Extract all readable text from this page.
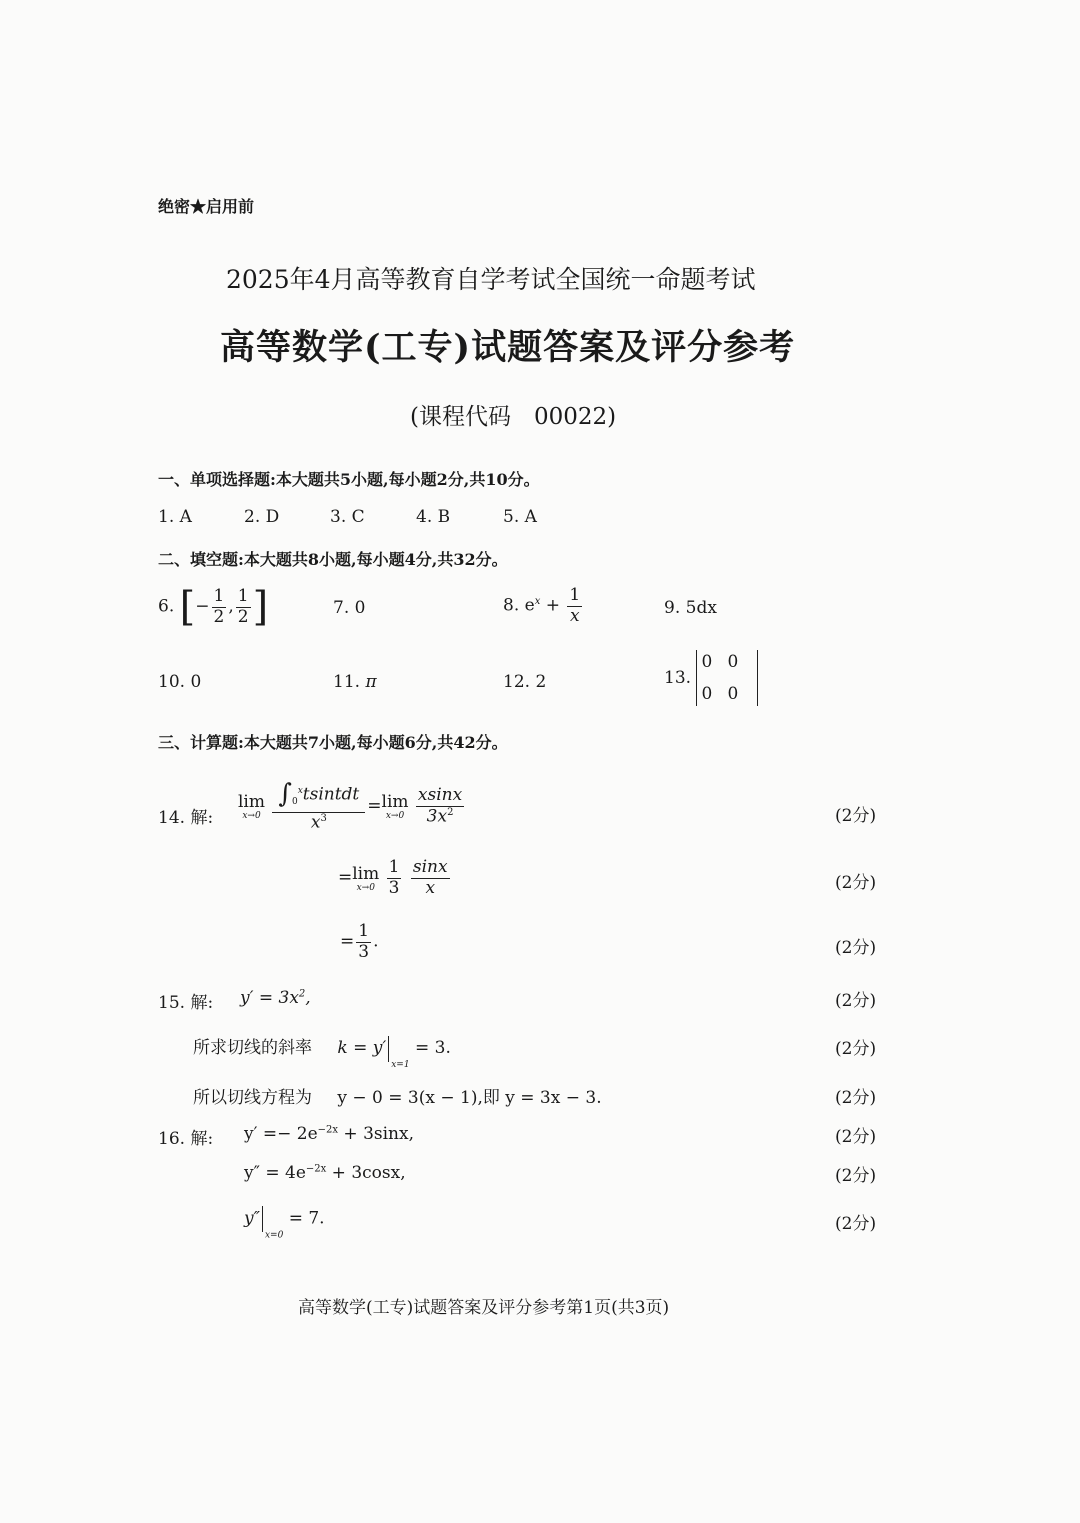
绝密★启用前
2025年4月高等教育自学考试全国统一命题考试
高等数学(工专)试题答案及评分参考
(课程代码　00022)
一、单项选择题:本大题共5小题,每小题2分,共10分。
1. A	2. D	3. C	4. B	5. A
二、填空题:本大题共8小题,每小题4分,共32分。
6. [− $\frac{1}{2}$ , $\frac{1}{2}$ ]	7. 0	8. $e^x + \frac{1}{x}$	9. 5dx
10. 0	11. π	12. 2	13.
0 0
0 0
三、计算题:本大题共7小题,每小题6分,共42分。
14. 解:
lim
x→0
$\frac{\int_0^xtsintdt}{x^3} = \lim$
x→0
$\frac{xsinx}{3x^2}$	(2分)
= lim
x→0
$\frac{1}{3}$
$\frac{\sin x}{x}$	(2分)
= $\frac{1}{3}$ .	(2分)
15. 解: $y' = 3x^2$,	(2分)
所求切线的斜率 $k = y'_{x=1} = 3$.	(2分)
所以切线方程为 y − 0 = 3(x − 1),即 y = 3x − 3.	(2分)
16. 解: $y' =- 2e^{-2x} + 3\sin x$,	(2分)
$y'' = 4e^{-2x} + 3\cos x$,	(2分)
$y''_{x=0} = 7$.	(2分)
高等数学(工专)试题答案及评分参考第1页(共3页)
